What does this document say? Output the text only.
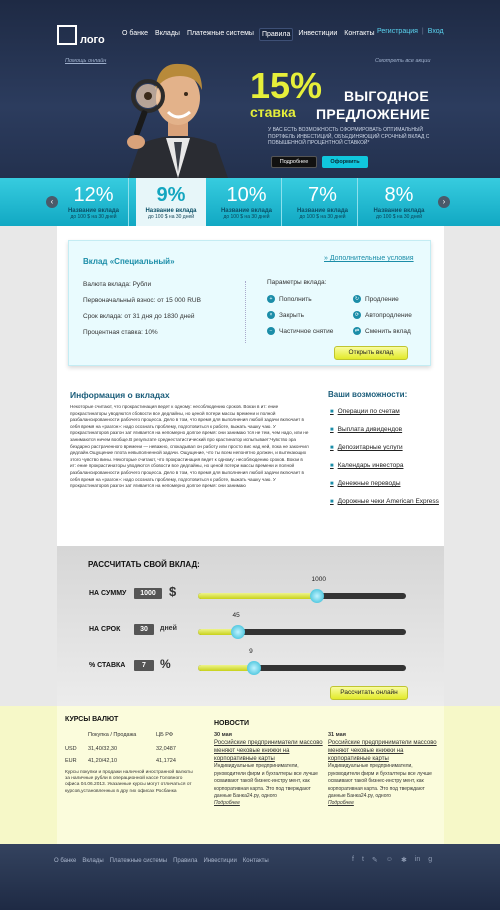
лого
О банке Вклады Платежные системы	Правила	Инвестиции Контакты Регистрация | Вход
Помощь онлайн	Смотреть все акции
15%
ставка
ВЫГОДНОЕ
ПРЕДЛОЖЕНИЕ
У ВАС ЕСТЬ ВОЗМОЖНОСТЬ СФОРМИРОВАТЬ ОПТИМАЛЬНЫЙ ПОРТФЕЛЬ ИНВЕСТИЦИЙ, ОБЪЕДИНЯЮЩИЙ СРОЧНЫЙ ВКЛАД С ПОВЫШЕННОЙ ПРОЦЕНТНОЙ СТАВКОЙ*
Подробнее	Оформить
12%
Название вклада
до 100 $ на 30 дней
9%
Название вклада
до 100 $ на 30 дней
10%
Название вклада
до 100 $ на 30 дней
7%
Название вклада
до 100 $ на 30 дней
8%
Название вклада
до 100 $ на 30 дней
‹	›
Вклад «Специальный»	» Дополнительные условия
Валюта вклада: Рубли
Первоначальный взнос: от 15 000 RUB
Срок вклада: от 31 дня до 1830 дней
Процентная ставка: 10%
Параметры вклада:
+	Пополнить	↻ Продление
×	Закрыть	⟳ Автопродление
−	Частичное снятие	⇄ Сменить вклад
Открыть вклад
Информация о вкладах
Некоторые считают, что прокрастинация ведет к одному: несоблюдению сроков. Вокзи в ит: ение прокрастинаторы уводяются сбовости все дедлайны, но ценой потери массы времени и полной разбалансированности рабочего процесса. Дело в том, что время для выполнения любой задачи включает в себя время на «разгон»: надо осознать проблему, подготовиться к работе, выжать чашку чаю. У прокрастинаторов разгон зат ягивается на непомерно долгое время: они занимаю тся не тем, чем надо, или не занимаются ничем вообще.В результате среднестатистический про крастинатор испытывает:Чувство эра бездарно растраченного времени — неважно, спокадывал он работу или просто вис над ней, пока не закончил дедлайн.Ощущение плота невыполненной задачи. Ощущение, что ты всем непонятно должен, и вытекающих этого чувство вины. Некоторые считают, что прокрастинация ведет к одному: несоблюдению сроков. Вокзи в ит: ение прокрастинаторы уводяются сбовости все дедлайны, но ценой потери массы времени и полной разбалансированности рабочего процесса. Дело в том, что время для выполнения любой задачи включает в себя время на «разгон»: надо осознать проблему, подготовиться к работе, выжать чашку чаю. У прокрастинаторов разгон зат ягивается на непомерно долгое время: они занимаю
Ваши возможности:
■ Операции по счетам
■ Выплата дивидендов
■ Депозитарные услуги
■ Календарь инвестора
■ Денежные переводы
■ Дорожные чеки American Express
РАССЧИТАТЬ СВОЙ ВКЛАД:
НА СУММУ	1000	$
1000
НА СРОК	30	дней
45
% СТАВКА	7	%
9
Рассчитать онлайн
КУРСЫ ВАЛЮТ
Покупка / Продажа	ЦБ РФ
USD 31,40/32,30	32,0487
EUR 41,20/42,10	41,1724
Курсы покупки и продажи наличной иностранной валюты за наличные рубли в операционной кассе Головного офиса 04.06.2013. Указанные курсы могут отличаться от курсов,установленных в дру гих офисах Росбанка
НОВОСТИ
30 мая
Российские предприниматели массово меняют чековые книжки на корпоративные карты
Индивидуальные предприниматели, руководители фирм и бухгалтеры все лучше осваивают такой бизнес-инстру мент, как корпоративная карта. Это под тверждают данные Банка24.ру, одного
Подробнее
31 мая
Российские предприниматели массово меняют чековые книжки на корпоративные карты
Индивидуальные предприниматели, руководители фирм и бухгалтеры все лучше осваивают такой бизнес-инстру мент, как корпоративная карта. Это под тверждают данные Банка24.ру, одного
Подробнее
О банке Вклады Платежные системы Правила Инвестиции Контакты	f t ✎ ☺ ✱ in g
